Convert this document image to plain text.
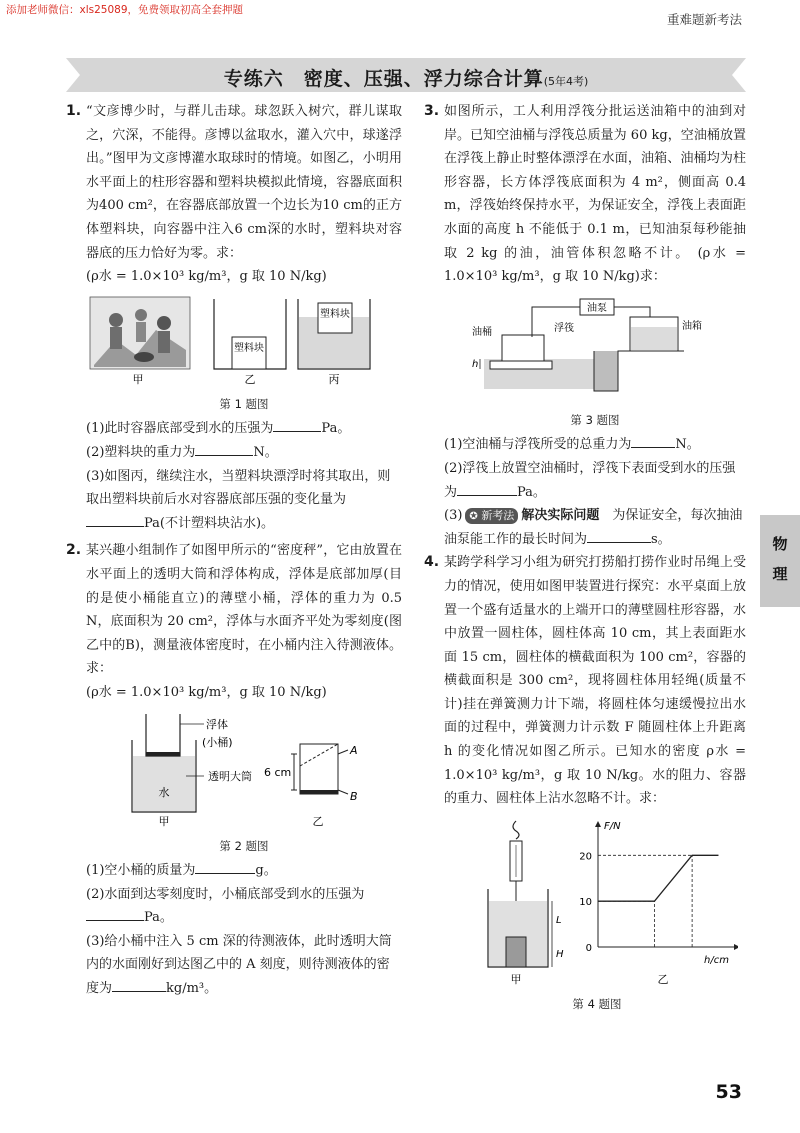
添加老师微信：xls25089，免费领取初高全套押题
重难题新考法
专练六　密度、压强、浮力综合计算(5年4考)
1. “文彦博少时，与群儿击球。球忽跃入树穴，群儿谋取之，穴深，不能得。彦博以盆取水，灌入穴中，球遂浮出。”图甲为文彦博灌水取球时的情境。如图乙，小明用水平面上的柱形容器和塑料块模拟此情境，容器底面积为400 cm²，在容器底部放置一个边长为10 cm的正方体塑料块，向容器中注入6 cm深的水时，塑料块对容器底的压力恰好为零。求：
(ρ水 = 1.0×10³ kg/m³，g 取 10 N/kg)
塑料块
塑料块
甲	乙	丙
第 1 题图
(1)此时容器底部受到水的压强为	Pa。
(2)塑料块的重力为	N。
(3)如图丙，继续注水，当塑料块漂浮时将其取出，则取出塑料块前后水对容器底部压强的变化量为Pa(不计塑料块沾水)。
2. 某兴趣小组制作了如图甲所示的“密度秤”，它由放置在水平面上的透明大筒和浮体构成，浮体是底部加厚(目的是使小桶能直立)的薄壁小桶，浮体的重力为 0.5 N，底面积为 20 cm²，浮体与水面齐平处为零刻度(图乙中的B)，测量液体密度时，在小桶内注入待测液体。求：
(ρ水 = 1.0×10³ kg/m³，g 取 10 N/kg)
浮体
(小桶)
透明大筒
水
甲
6 cm
A
B
乙
第 2 题图
(1)空小桶的质量为	g。
(2)水面到达零刻度时，小桶底部受到水的压强为Pa。
(3)给小桶中注入 5 cm 深的待测液体，此时透明大筒内的水面刚好到达图乙中的 A 刻度，则待测液体的密度为	kg/m³。
3. 如图所示，工人利用浮筏分批运送油箱中的油到对岸。已知空油桶与浮筏总质量为 60 kg，空油桶放置在浮筏上静止时整体漂浮在水面，油箱、油桶均为柱形容器，长方体浮筏底面积为 4 m²，侧面高 0.4 m，浮筏始终保持水平，为保证安全，浮筏上表面距水面的高度 h 不能低于 0.1 m，已知油泵每秒能抽取 2 kg 的油，油管体积忽略不计。 (ρ水 = 1.0×10³ kg/m³，g 取 10 N/kg)求：
油泵
油桶	浮筏	油箱
h
第 3 题图
(1)空油桶与浮筏所受的总重力为	N。
(2)浮筏上放置空油桶时，浮筏下表面受到水的压强为	Pa。
(3) ✪ 新考法 解决实际问题　 为保证安全，每次抽油油泵能工作的最长时间为	s。
4. 某跨学科学习小组为研究打捞船打捞作业时吊绳上受力的情况，使用如图甲装置进行探究：水平桌面上放置一个盛有适量水的上端开口的薄壁圆柱形容器，水中放置一圆柱体，圆柱体高 10 cm，其上表面距水面 15 cm，圆柱体的横截面积为 100 cm²，容器的横截面积是 300 cm²，现将圆柱体用轻绳(质量不计)挂在弹簧测力计下端，将圆柱体匀速缓慢拉出水面的过程中，弹簧测力计示数 F 随圆柱体上升距离 h 的变化情况如图乙所示。已知水的密度 ρ水 = 1.0×10³ kg/m³，g 取 10 N/kg。水的阻力、容器的重力、圆柱体上沾水忽略不计。求：
L
H
甲
F/N
h/cm
0
10
20
乙
第 4 题图
物
理
53
